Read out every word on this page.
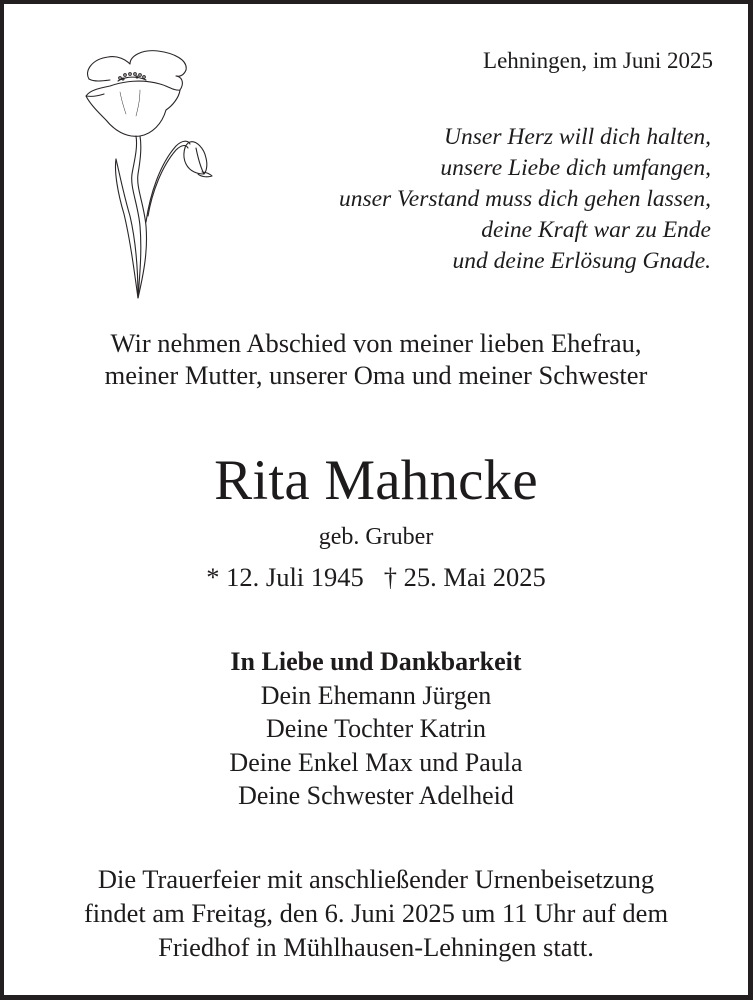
Lehningen, im Juni 2025
Unser Herz will dich halten,
unsere Liebe dich umfangen,
unser Verstand muss dich gehen lassen,
deine Kraft war zu Ende
und deine Erlösung Gnade.
Wir nehmen Abschied von meiner lieben Ehefrau,
meiner Mutter, unserer Oma und meiner Schwester
Rita Mahncke
geb. Gruber
* 12. Juli 1945 † 25. Mai 2025
In Liebe und Dankbarkeit
Dein Ehemann Jürgen
Deine Tochter Katrin
Deine Enkel Max und Paula
Deine Schwester Adelheid
Die Trauerfeier mit anschließender Urnenbeisetzung
findet am Freitag, den 6. Juni 2025 um 11 Uhr auf dem
Friedhof in Mühlhausen-Lehningen statt.
